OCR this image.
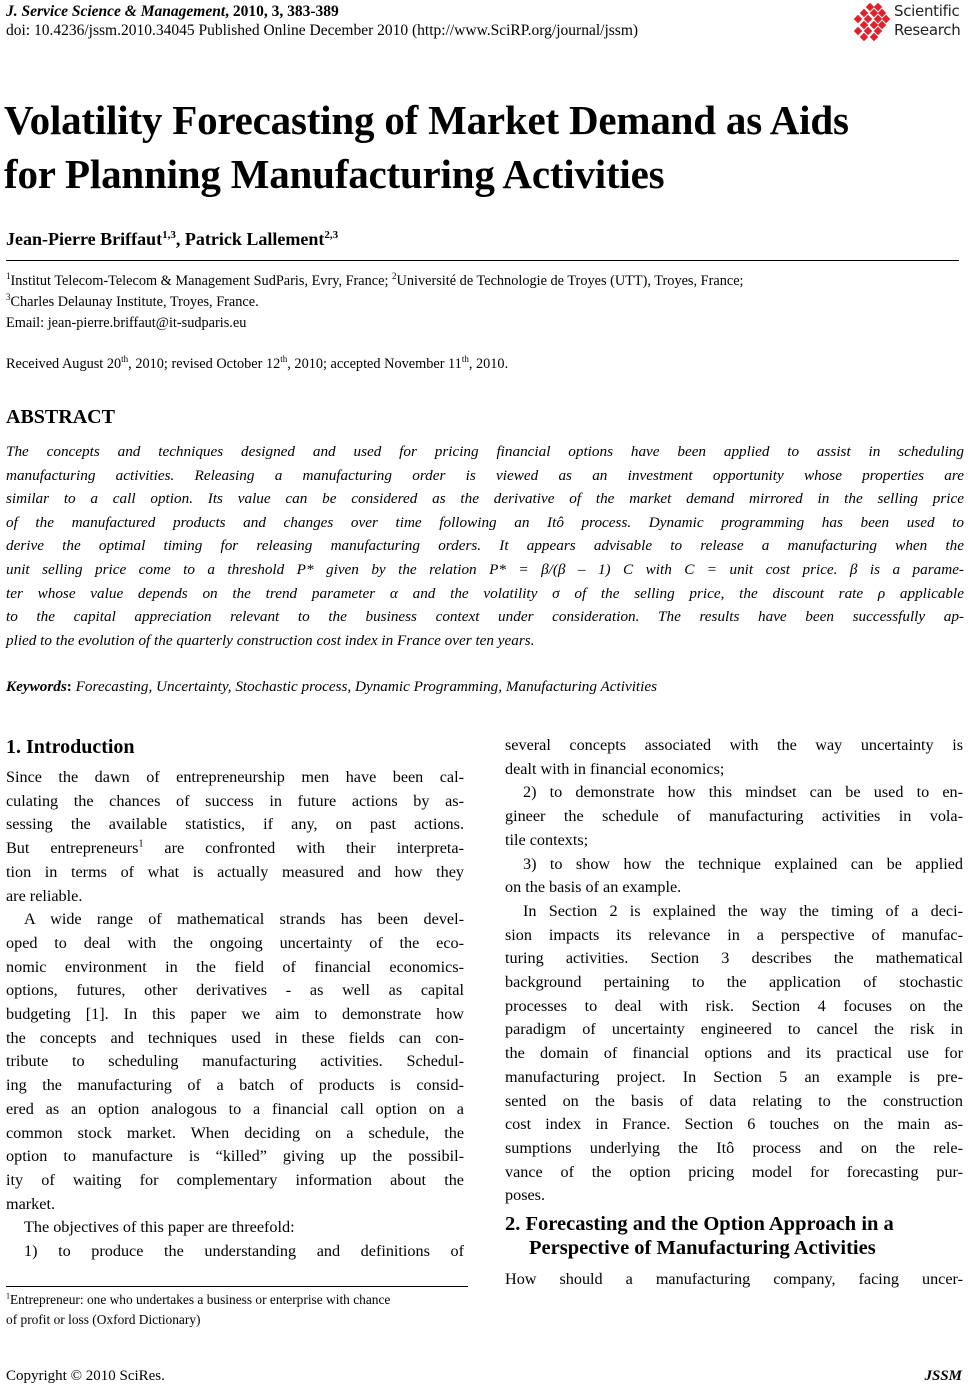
J. Service Science & Management, 2010, 3, 383-389
doi: 10.4236/jssm.2010.34045 Published Online December 2010 (http://www.SciRP.org/journal/jssm)
Scientific
Research
Volatility Forecasting of Market Demand as Aids
for Planning Manufacturing Activities
Jean-Pierre Briffaut$^{1,3}$, Patrick Lallement$^{2,3}$
$^1$Institut Telecom-Telecom & Management SudParis, Evry, France; $^2$Université de Technologie de Troyes (UTT), Troyes, France;
$^3$Charles Delaunay Institute, Troyes, France.
Email: jean-pierre.briffaut@it-sudparis.eu
Received August 20th, 2010; revised October 12th, 2010; accepted November 11th, 2010.
ABSTRACT
The concepts and techniques designed and used for pricing financial options have been applied to assist in scheduling
manufacturing activities. Releasing a manufacturing order is viewed as an investment opportunity whose properties are
similar to a call option. Its value can be considered as the derivative of the market demand mirrored in the selling price
of the manufactured products and changes over time following an Itô process. Dynamic programming has been used to
derive the optimal timing for releasing manufacturing orders. It appears advisable to release a manufacturing when the
unit selling price come to a threshold P* given by the relation P* = β/(β – 1) C with C = unit cost price. β is a parame-
ter whose value depends on the trend parameter α and the volatility σ of the selling price, the discount rate ρ applicable
to the capital appreciation relevant to the business context under consideration. The results have been successfully ap-
plied to the evolution of the quarterly construction cost index in France over ten years.
Keywords: Forecasting, Uncertainty, Stochastic process, Dynamic Programming, Manufacturing Activities
1. Introduction
Since the dawn of entrepreneurship men have been cal-
culating the chances of success in future actions by as-
sessing the available statistics, if any, on past actions.
But entrepreneurs$^1$ are confronted with their interpreta-
tion in terms of what is actually measured and how they
are reliable.
A wide range of mathematical strands has been devel-
oped to deal with the ongoing uncertainty of the eco-
nomic environment in the field of financial economics-
options, futures, other derivatives - as well as capital
budgeting [1]. In this paper we aim to demonstrate how
the concepts and techniques used in these fields can con-
tribute to scheduling manufacturing activities. Schedul-
ing the manufacturing of a batch of products is consid-
ered as an option analogous to a financial call option on a
common stock market. When deciding on a schedule, the
option to manufacture is “killed” giving up the possibil-
ity of waiting for complementary information about the
market.
The objectives of this paper are threefold:
1) to produce the understanding and definitions of
several concepts associated with the way uncertainty is
dealt with in financial economics;
2) to demonstrate how this mindset can be used to en-
gineer the schedule of manufacturing activities in vola-
tile contexts;
3) to show how the technique explained can be applied
on the basis of an example.
In Section 2 is explained the way the timing of a deci-
sion impacts its relevance in a perspective of manufac-
turing activities. Section 3 describes the mathematical
background pertaining to the application of stochastic
processes to deal with risk. Section 4 focuses on the
paradigm of uncertainty engineered to cancel the risk in
the domain of financial options and its practical use for
manufacturing project. In Section 5 an example is pre-
sented on the basis of data relating to the construction
cost index in France. Section 6 touches on the main as-
sumptions underlying the Itô process and on the rele-
vance of the option pricing model for forecasting pur-
poses.
2. Forecasting and the Option Approach in a
Perspective of Manufacturing Activities
How should a manufacturing company, facing uncer-
$^1$Entrepreneur: one who undertakes a business or enterprise with chance
of profit or loss (Oxford Dictionary)
Copyright © 2010 SciRes.	JSSM
